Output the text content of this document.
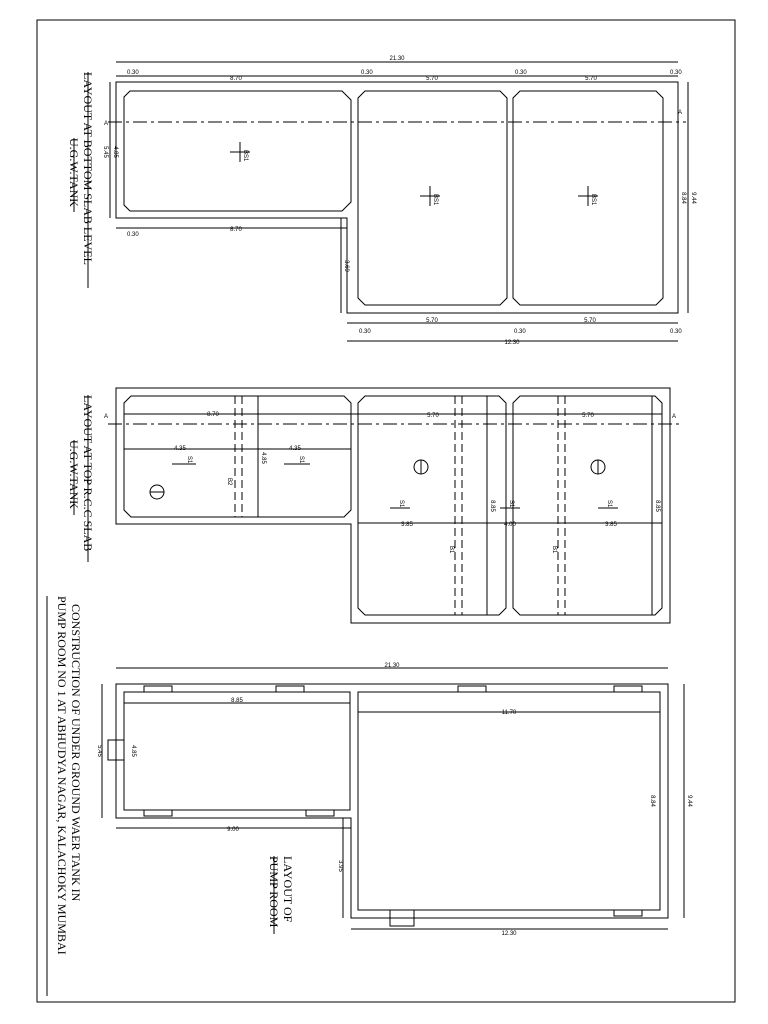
21.30
0.30
8.70
0.30
5.70
0.30
5.70
0.30
8.70
0.30
0.30
5.70
0.30
5.70
0.30
12.30
A
A
4.85
5.45
3.69
8.84 9.44
BS1
BS1	BS1
LAYOUT AT BOTTOM SLAB LEVEL
U.G.W.TANK
8.70	5.70	5.70
4.35	4.35
3.85	4.00	3.85
4.85
8.85	8.85
B2
B1	B1
S1	S1
S1	S1	S1
A	A
LAYOUT AT TOP R.C.C SLAB
U.G.W.TANK
21.30
8.85
11.70
9.00
12.30
5.45	4.85
3.95
8.84	9.44
LAYOUT OF
PUMP ROOM
CONSTRUCTION OF UNDER GROUND WAER TANK IN
PUMP ROOM NO 1 AT ABHUDYA NAGAR, KALACHOKY MUMBAI
